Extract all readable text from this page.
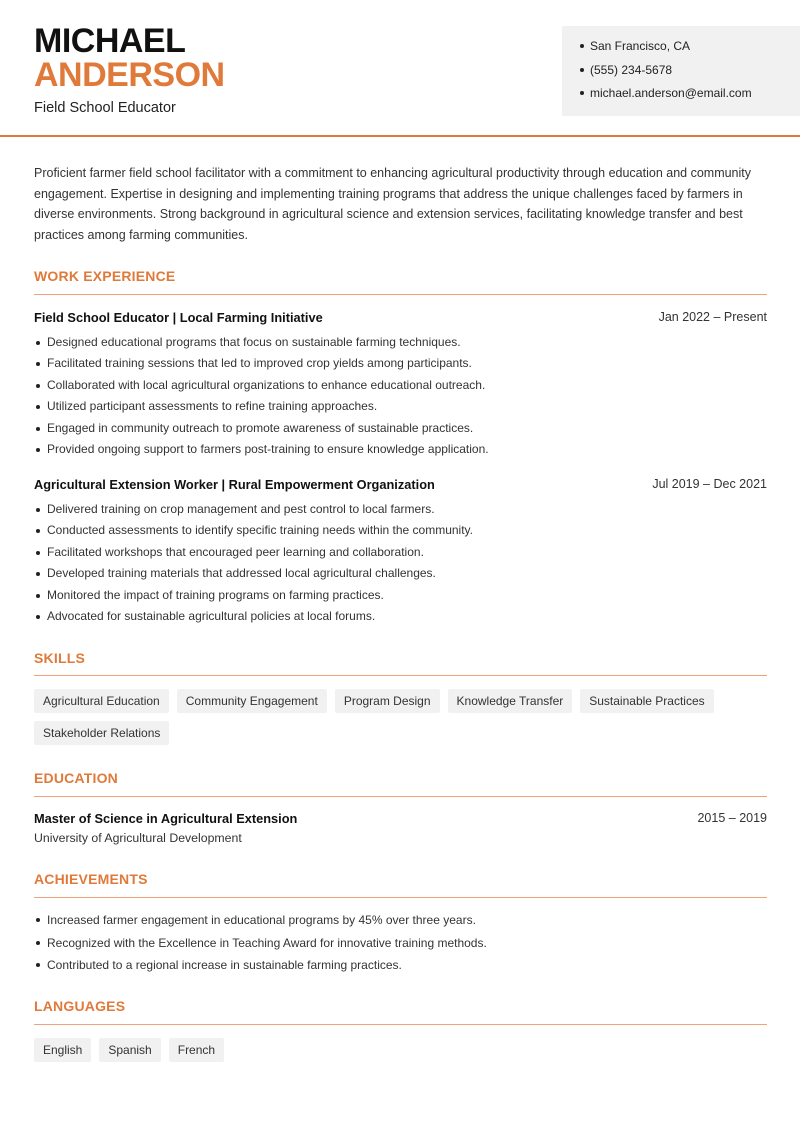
MICHAEL
ANDERSON
Field School Educator
San Francisco, CA
(555) 234-5678
michael.anderson@email.com
Proficient farmer field school facilitator with a commitment to enhancing agricultural productivity through education and community engagement. Expertise in designing and implementing training programs that address the unique challenges faced by farmers in diverse environments. Strong background in agricultural science and extension services, facilitating knowledge transfer and best practices among farming communities.
WORK EXPERIENCE
Field School Educator | Local Farming Initiative	Jan 2022 – Present
Designed educational programs that focus on sustainable farming techniques.
Facilitated training sessions that led to improved crop yields among participants.
Collaborated with local agricultural organizations to enhance educational outreach.
Utilized participant assessments to refine training approaches.
Engaged in community outreach to promote awareness of sustainable practices.
Provided ongoing support to farmers post-training to ensure knowledge application.
Agricultural Extension Worker | Rural Empowerment Organization	Jul 2019 – Dec 2021
Delivered training on crop management and pest control to local farmers.
Conducted assessments to identify specific training needs within the community.
Facilitated workshops that encouraged peer learning and collaboration.
Developed training materials that addressed local agricultural challenges.
Monitored the impact of training programs on farming practices.
Advocated for sustainable agricultural policies at local forums.
SKILLS
Agricultural Education	Community Engagement	Program Design	Knowledge Transfer	Sustainable Practices
Stakeholder Relations
EDUCATION
Master of Science in Agricultural Extension	2015 – 2019
University of Agricultural Development
ACHIEVEMENTS
Increased farmer engagement in educational programs by 45% over three years.
Recognized with the Excellence in Teaching Award for innovative training methods.
Contributed to a regional increase in sustainable farming practices.
LANGUAGES
English	Spanish	French
